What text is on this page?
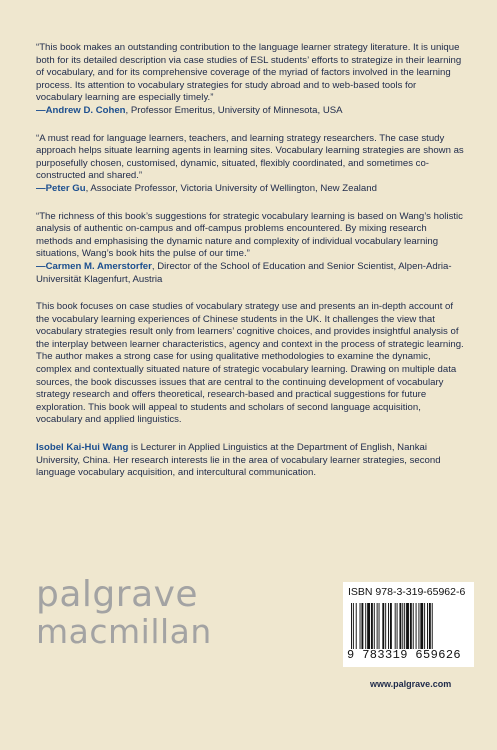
“This book makes an outstanding contribution to the language learner strategy literature. It is unique both for its detailed description via case studies of ESL students’ efforts to strategize in their learning of vocabulary, and for its comprehensive coverage of the myriad of factors involved in the learning process. Its attention to vocabulary strategies for study abroad and to web-based tools for vocabulary learning are especially timely.”

—Andrew D. Cohen, Professor Emeritus, University of Minnesota, USA

“A must read for language learners, teachers, and learning strategy researchers. The case study approach helps situate learning agents in learning sites. Vocabulary learning strategies are shown as purposefully chosen, customised, dynamic, situated, flexibly coordinated, and sometimes co-constructed and shared.”

—Peter Gu, Associate Professor, Victoria University of Wellington, New Zealand

“The richness of this book’s suggestions for strategic vocabulary learning is based on Wang’s holistic analysis of authentic on-campus and off-campus problems encountered. By mixing research methods and emphasising the dynamic nature and complexity of individual vocabulary learning situations, Wang’s book hits the pulse of our time.”

—Carmen M. Amerstorfer, Director of the School of Education and Senior Scientist, Alpen-Adria-Universität Klagenfurt, Austria

This book focuses on case studies of vocabulary strategy use and presents an in-depth account of the vocabulary learning experiences of Chinese students in the UK. It challenges the view that vocabulary strategies result only from learners’ cognitive choices, and provides insightful analysis of the interplay between learner characteristics, agency and context in the process of strategic learning. The author makes a strong case for using qualitative methodologies to examine the dynamic, complex and contextually situated nature of strategic vocabulary learning. Drawing on multiple data sources, the book discusses issues that are central to the continuing development of vocabulary strategy research and offers theoretical, research-based and practical suggestions for future exploration. This book will appeal to students and scholars of second language acquisition, vocabulary and applied linguistics.

Isobel Kai-Hui Wang is Lecturer in Applied Linguistics at the Department of English, Nankai University, China. Her research interests lie in the area of vocabulary learner strategies, second language vocabulary acquisition, and intercultural communication.

palgrave
macmillan
ISBN 978-3-319-65962-6
9 783319 659626
www.palgrave.com
